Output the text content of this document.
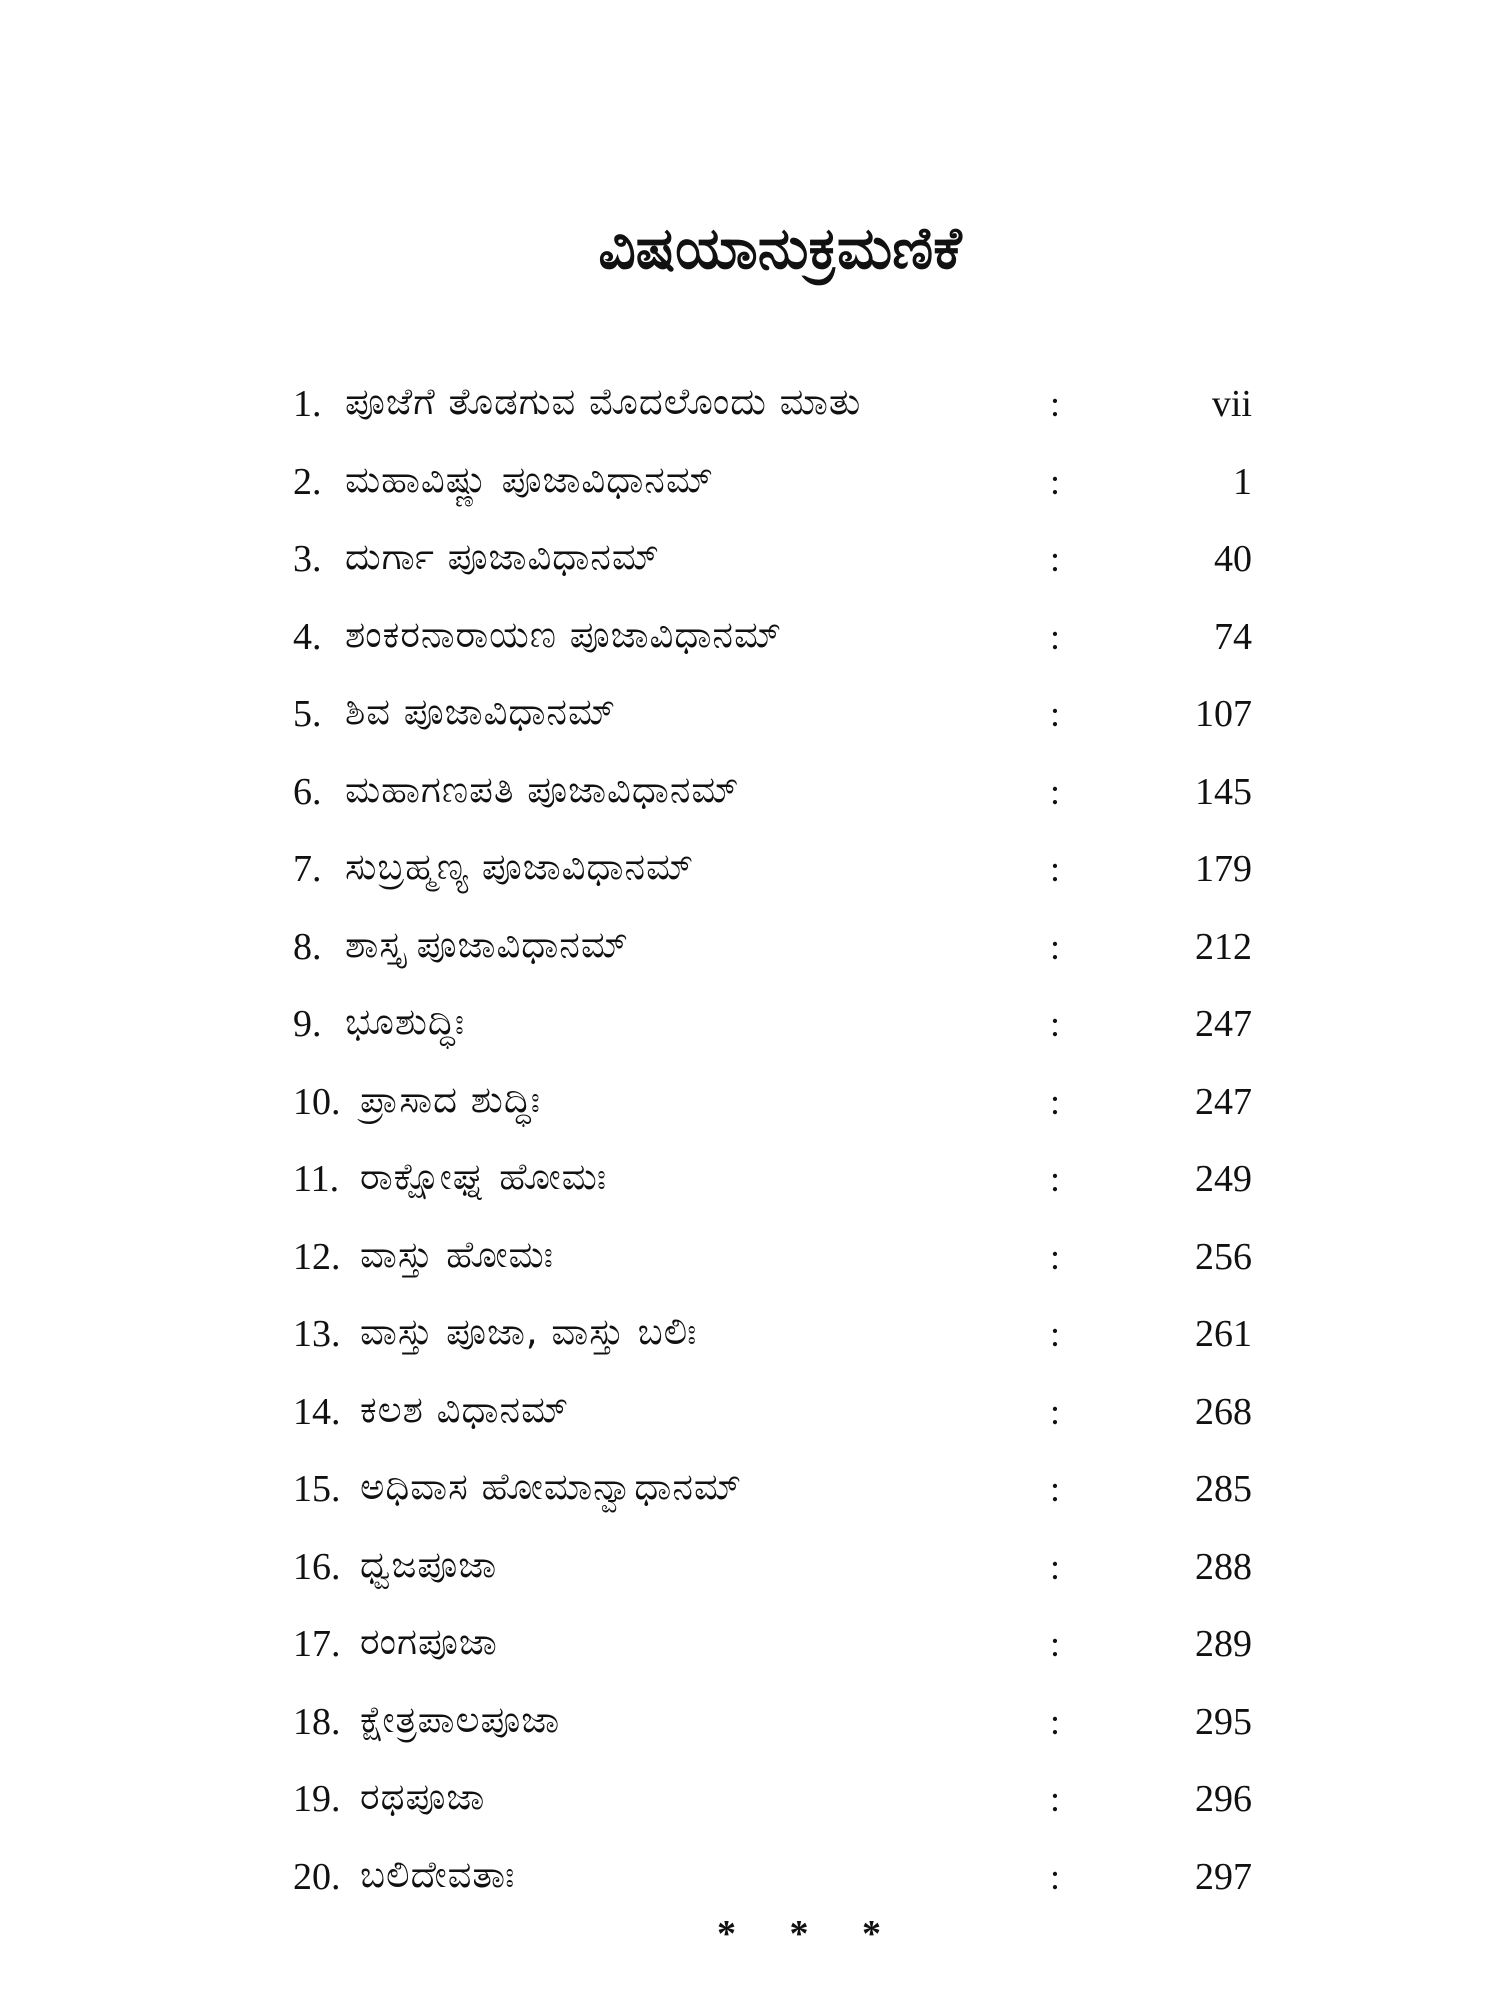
ವಿಷಯಾನುಕ್ರಮಣಿಕೆ
1. ಪೂಜೆಗೆ ತೊಡಗುವ ಮೊದಲೊಂದು ಮಾತು	:	vii
2. ಮಹಾವಿಷ್ಣು ಪೂಜಾವಿಧಾನಮ್	:	1
3. ದುರ್ಗಾ ಪೂಜಾವಿಧಾನಮ್	:	40
4. ಶಂಕರನಾರಾಯಣ ಪೂಜಾವಿಧಾನಮ್	:	74
5. ಶಿವ ಪೂಜಾವಿಧಾನಮ್	:	107
6. ಮಹಾಗಣಪತಿ ಪೂಜಾವಿಧಾನಮ್	:	145
7. ಸುಬ್ರಹ್ಮಣ್ಯ ಪೂಜಾವಿಧಾನಮ್	:	179
8. ಶಾಸ್ತೃ ಪೂಜಾವಿಧಾನಮ್	:	212
9. ಭೂಶುದ್ಧಿಃ	:	247
10. ಪ್ರಾಸಾದ ಶುದ್ಧಿಃ	:	247
11. ರಾಕ್ಷೋಘ್ನ ಹೋಮಃ	:	249
12. ವಾಸ್ತು ಹೋಮಃ	:	256
13. ವಾಸ್ತು ಪೂಜಾ, ವಾಸ್ತು ಬಲಿಃ	:	261
14. ಕಲಶ ವಿಧಾನಮ್	:	268
15. ಅಧಿವಾಸ ಹೋಮಾನ್ವಾಧಾನಮ್	:	285
16. ಧ್ವಜಪೂಜಾ	:	288
17. ರಂಗಪೂಜಾ	:	289
18. ಕ್ಷೇತ್ರಪಾಲಪೂಜಾ	:	295
19. ರಥಪೂಜಾ	:	296
20. ಬಲಿದೇವತಾಃ	:	297
* * *
